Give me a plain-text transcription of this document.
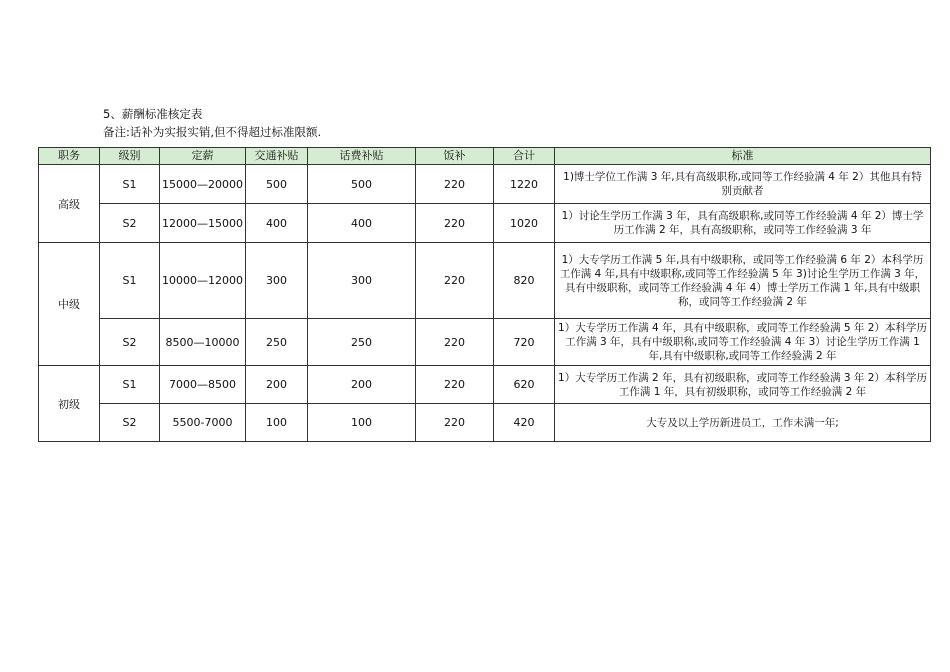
5、薪酬标准核定表
备注:话补为实报实销,但不得超过标准限额.
职务	级别	定薪	交通补贴	话费补贴	饭补	合计	标准
高级	S1	15000—20000	500	500	220	1220	1)博士学位工作满 3 年,具有高级职称,或同等工作经验满 4 年 2）其他具有特别贡献者
	S2	12000—15000	400	400	220	1020	1）讨论生学历工作满 3 年，具有高级职称,或同等工作经验满 4 年 2）博士学历工作满 2 年，具有高级职称，或同等工作经验满 3 年
中级	S1	10000—12000	300	300	220	820	1）大专学历工作满 5 年,具有中级职称，或同等工作经验满 6 年 2）本科学历工作满 4 年,具有中级职称,或同等工作经验满 5 年 3)讨论生学历工作满 3 年，具有中级职称，或同等工作经验满 4 年 4）博士学历工作满 1 年,具有中级职称，或同等工作经验满 2 年
	S2	8500—10000	250	250	220	720	1）大专学历工作满 4 年，具有中级职称，或同等工作经验满 5 年 2）本科学历工作满 3 年，具有中级职称,或同等工作经验满 4 年 3）讨论生学历工作满 1 年,具有中级职称,或同等工作经验满 2 年
初级	S1	7000—8500	200	200	220	620	1）大专学历工作满 2 年，具有初级职称，或同等工作经验满 3 年 2）本科学历工作满 1 年，具有初级职称，或同等工作经验满 2 年
	S2	5500-7000	100	100	220	420	大专及以上学历新进员工，工作未满一年;
